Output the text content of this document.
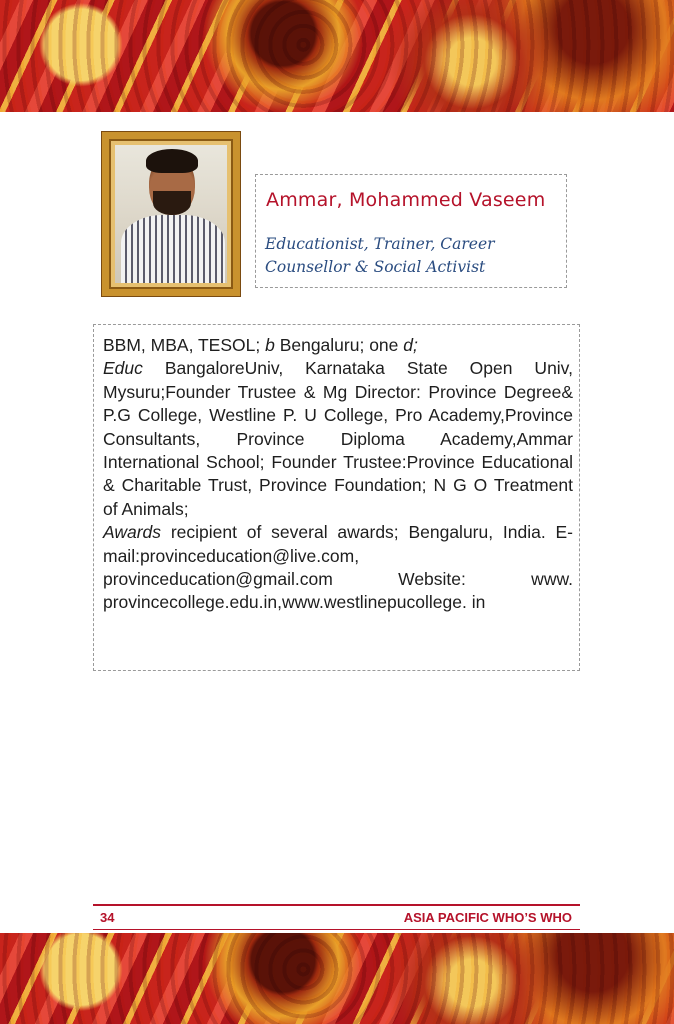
Ammar, Mohammed Vaseem
Educationist, Trainer, Career Counsellor & Social Activist
BBM, MBA, TESOL; b Bengaluru; one d;
Educ BangaloreUniv, Karnataka State Open Univ, Mysuru;Founder Trustee & Mg Director: Province Degree& P.G College, Westline P. U College, Pro Academy,Province Consultants, Province Diploma Academy,Ammar International School; Founder Trustee:Province Educational & Charitable Trust, Province Foundation; N G O Treatment of Animals;
Awards recipient of several awards; Bengaluru, India. E-mail:provinceducation@live.com, provinceducation@gmail.com Website: www. provincecollege.edu.in,www.westlinepucollege. in
34	ASIA PACIFIC WHO’S WHO
